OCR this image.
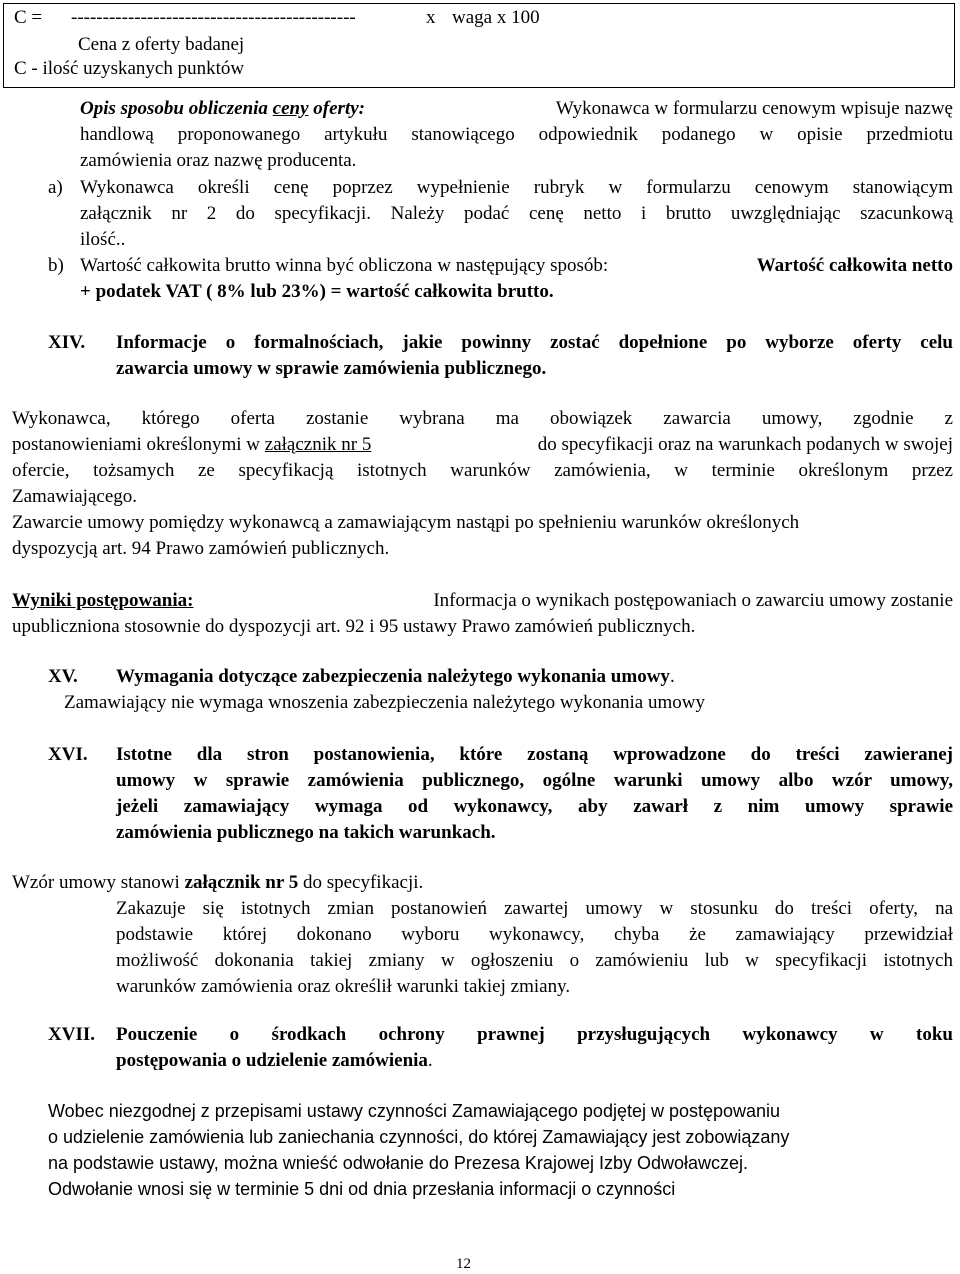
C = ---------------------------------------------	x waga x 100
Cena z oferty badanej
C - ilość uzyskanych punktów
Opis sposobu obliczenia ceny oferty:	Wykonawca w formularzu cenowym wpisuje nazwę
handlową proponowanego artykułu stanowiącego odpowiednik podanego w opisie przedmiotu
zamówienia oraz nazwę producenta.
a) Wykonawca określi cenę poprzez wypełnienie rubryk w formularzu cenowym stanowiącym
załącznik nr 2 do specyfikacji. Należy podać cenę netto i brutto uwzględniając szacunkową
ilość..
b) Wartość całkowita brutto winna być obliczona w następujący sposób:	Wartość całkowita netto
+ podatek VAT ( 8% lub 23%) = wartość całkowita brutto.
XIV. Informacje o formalnościach, jakie powinny zostać dopełnione po wyborze oferty celu
zawarcia umowy w sprawie zamówienia publicznego.
Wykonawca, którego oferta zostanie wybrana ma obowiązek zawarcia umowy, zgodnie z
postanowieniami określonymi w załącznik nr 5	do specyfikacji oraz na warunkach podanych w swojej
ofercie, tożsamych ze specyfikacją istotnych warunków zamówienia, w terminie określonym przez
Zamawiającego.
Zawarcie umowy pomiędzy wykonawcą a zamawiającym nastąpi po spełnieniu warunków określonych
dyspozycją art. 94 Prawo zamówień publicznych.
Wyniki postępowania:	Informacja o wynikach postępowaniach o zawarciu umowy zostanie
upubliczniona stosownie do dyspozycji art. 92 i 95 ustawy Prawo zamówień publicznych.
XV. Wymagania dotyczące zabezpieczenia należytego wykonania umowy.
Zamawiający nie wymaga wnoszenia zabezpieczenia należytego wykonania umowy
XVI. Istotne dla stron postanowienia, które zostaną wprowadzone do treści zawieranej
umowy w sprawie zamówienia publicznego, ogólne warunki umowy albo wzór umowy,
jeżeli zamawiający wymaga od wykonawcy, aby zawarł z nim umowy sprawie
zamówienia publicznego na takich warunkach.
Wzór umowy stanowi załącznik nr 5 do specyfikacji.
Zakazuje się istotnych zmian postanowień zawartej umowy w stosunku do treści oferty, na
podstawie której dokonano wyboru wykonawcy, chyba że zamawiający przewidział
możliwość dokonania takiej zmiany w ogłoszeniu o zamówieniu lub w specyfikacji istotnych
warunków zamówienia oraz określił warunki takiej zmiany.
XVII. Pouczenie o środkach ochrony prawnej przysługujących wykonawcy w toku
postępowania o udzielenie zamówienia.
Wobec niezgodnej z przepisami ustawy czynności Zamawiającego podjętej w postępowaniu
o udzielenie zamówienia lub zaniechania czynności, do której Zamawiający jest zobowiązany
na podstawie ustawy, można wnieść odwołanie do Prezesa Krajowej Izby Odwoławczej.
Odwołanie wnosi się w terminie 5 dni od dnia przesłania informacji o czynności
12
